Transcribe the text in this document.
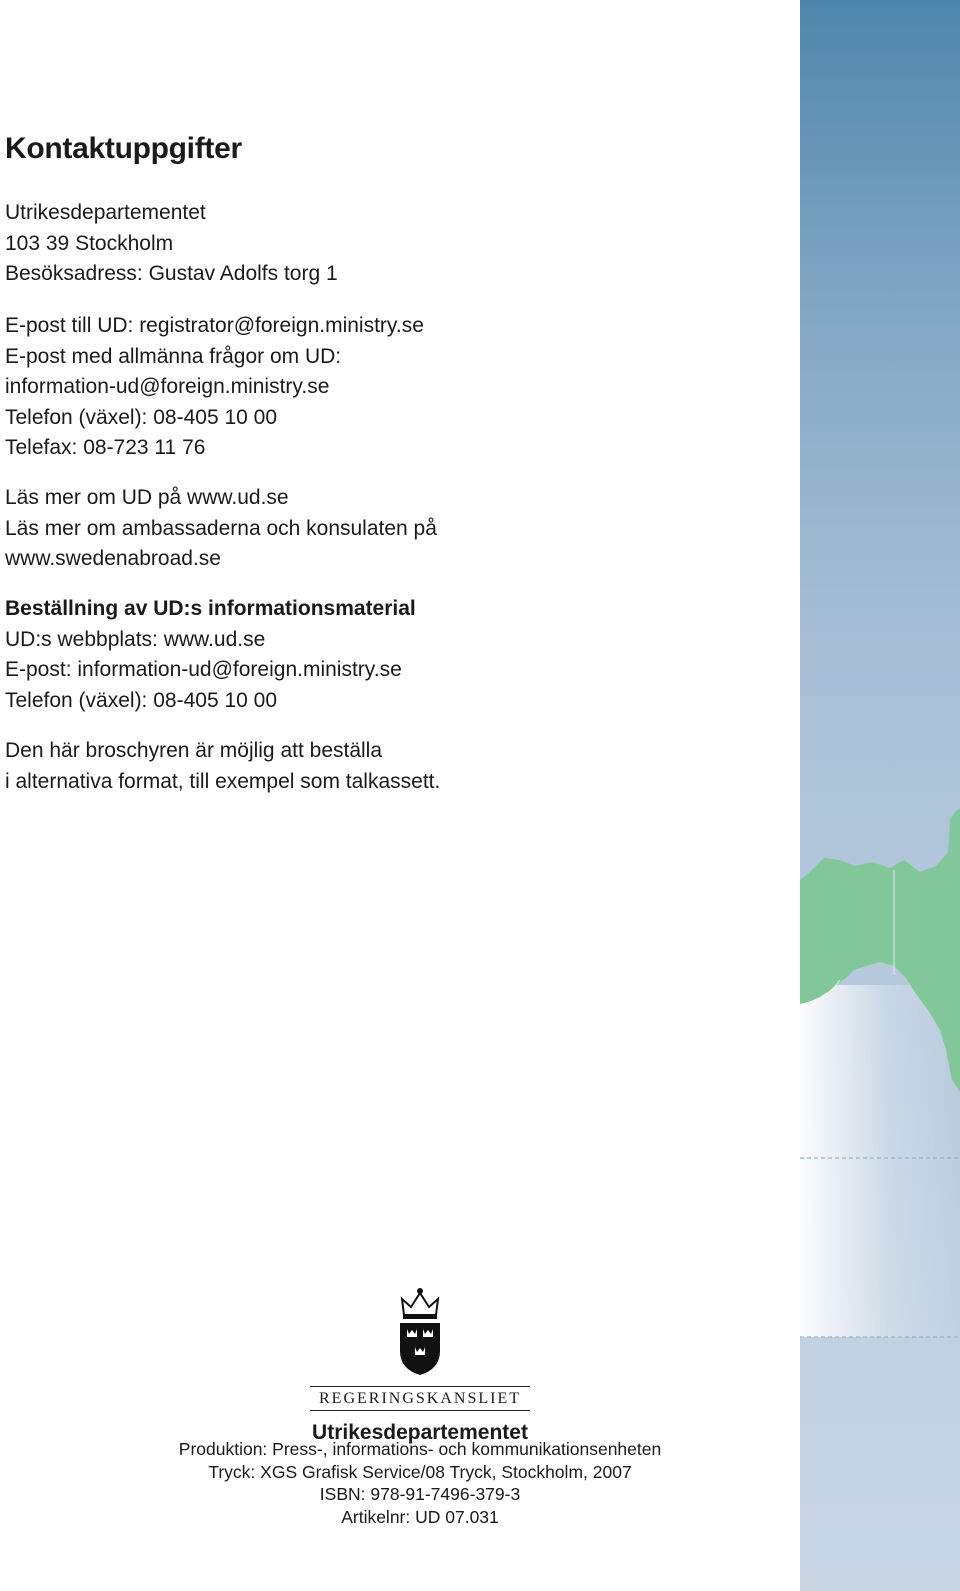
Kontaktuppgifter
Utrikesdepartementet
103 39 Stockholm
Besöksadress: Gustav Adolfs torg 1
E-post till UD: registrator@foreign.ministry.se
E-post med allmänna frågor om UD:
information-ud@foreign.ministry.se
Telefon (växel): 08-405 10 00
Telefax: 08-723 11 76
Läs mer om UD på www.ud.se
Läs mer om ambassaderna och konsulaten på
www.swedenabroad.se
Beställning av UD:s informationsmaterial
UD:s webbplats: www.ud.se
E-post: information-ud@foreign.ministry.se
Telefon (växel): 08-405 10 00
Den här broschyren är möjlig att beställa
i alternativa format, till exempel som talkassett.
REGERINGSKANSLIET
Utrikesdepartementet
Produktion: Press-, informations- och kommunikationsenheten
Tryck: XGS Grafisk Service/08 Tryck, Stockholm, 2007
ISBN: 978-91-7496-379-3
Artikelnr: UD 07.031
